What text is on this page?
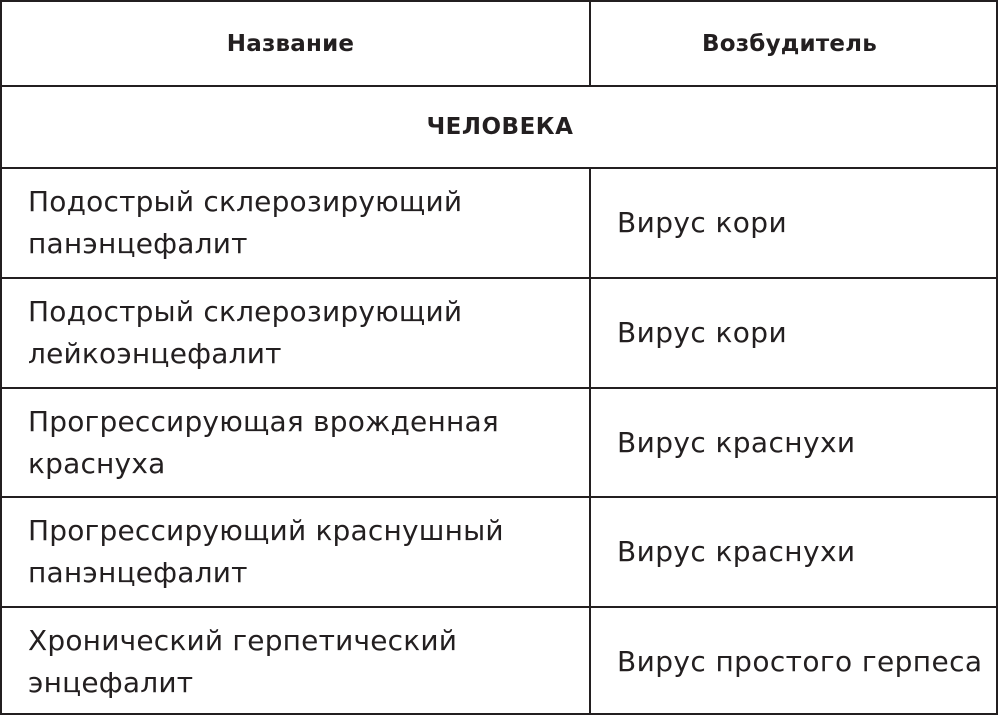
Название	Возбудитель
ЧЕЛОВЕКА
Подострый склерозирующий
панэнцефалит
Вирус кори
Подострый склерозирующий
лейкоэнцефалит
Вирус кори
Прогрессирующая врожденная краснуха
Вирус краснухи
Прогрессирующий краснушный
панэнцефалит
Вирус краснухи
Хронический герпетический энцефалит
Вирус простого герпеса
